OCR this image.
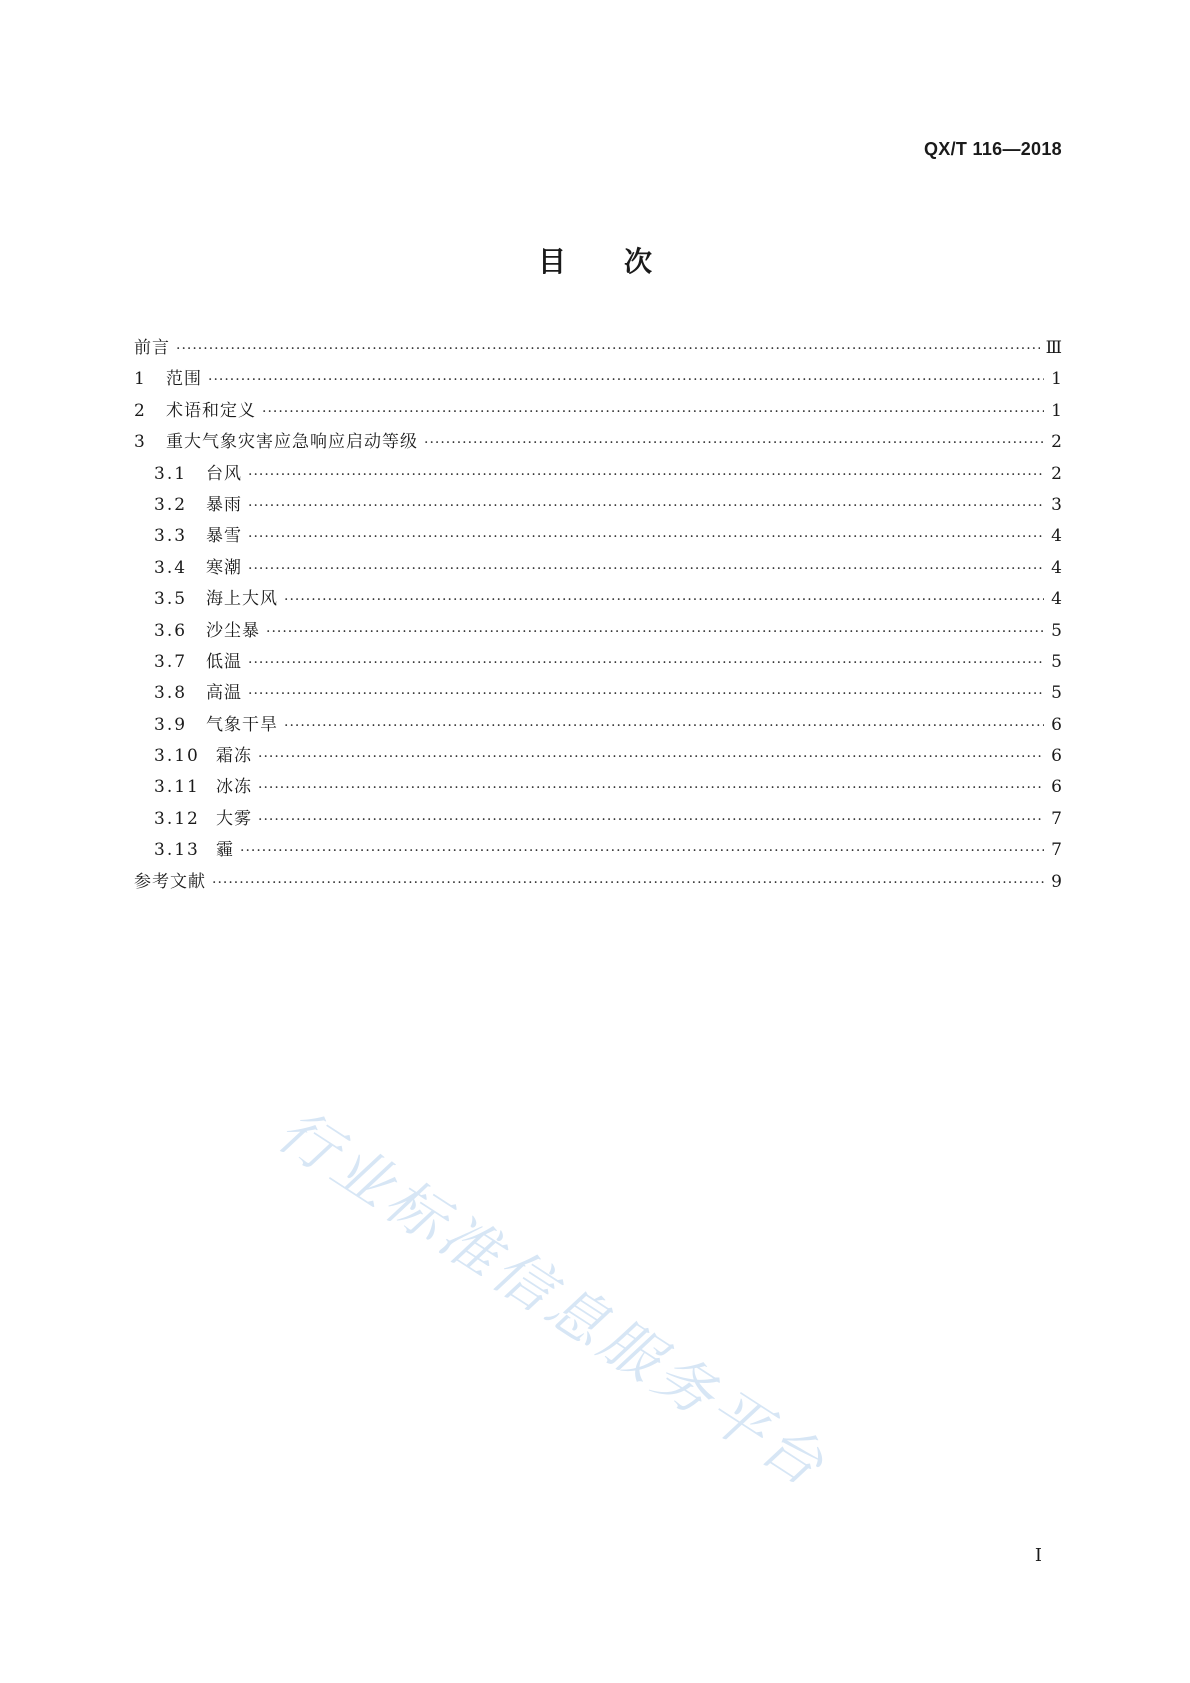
QX/T 116—2018
目 次
前言 ·····	Ⅲ
1	范围 ·····	1
2	术语和定义 ·····	1
3	重大气象灾害应急响应启动等级 ·····	2
3.1	台风 ·····	2
3.2	暴雨 ·····	3
3.3	暴雪 ·····	4
3.4	寒潮 ·····	4
3.5	海上大风 ·····	4
3.6	沙尘暴 ·····	5
3.7	低温 ·····	5
3.8	高温 ·····	5
3.9	气象干旱 ·····	6
3.10 霜冻 ·····	6
3.11 冰冻 ·····	6
3.12 大雾 ·····	7
3.13 霾 ·····	7
参考文献 ·····	9
行业标准信息服务平台
I
